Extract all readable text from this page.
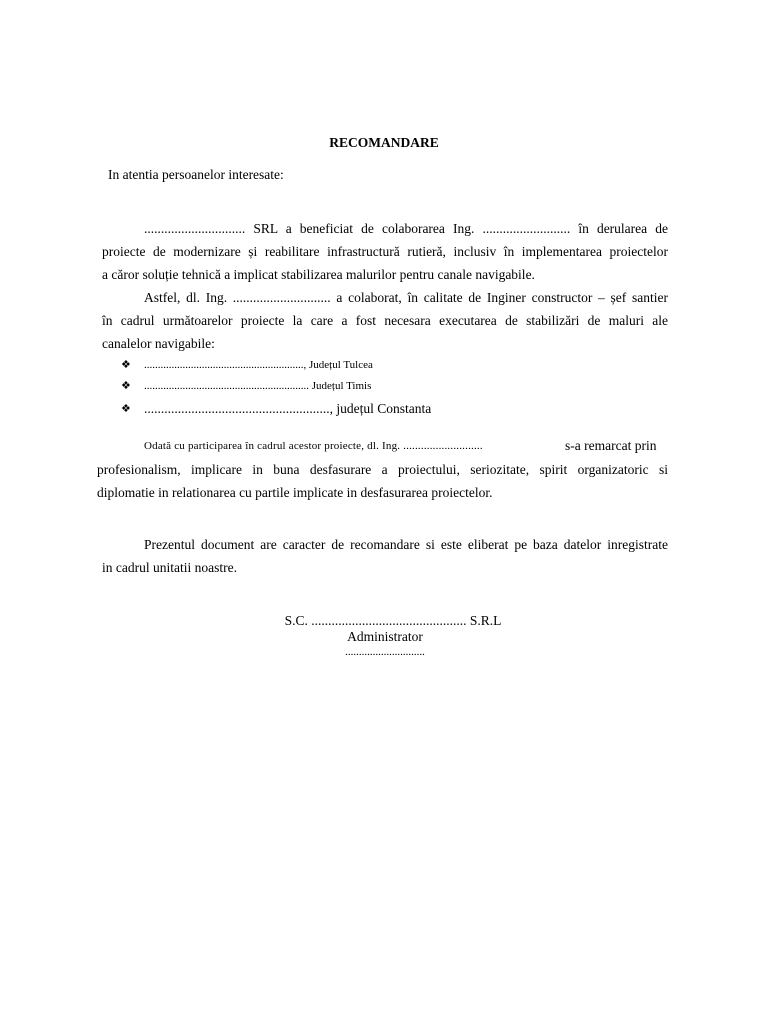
RECOMANDARE
In atentia persoanelor interesate:
.............................. SRL a beneficiat de colaborarea Ing. .......................... în derularea de
proiecte de modernizare și reabilitare infrastructură rutieră, inclusiv în implementarea proiectelor
a căror soluție tehnică a implicat stabilizarea malurilor pentru canale navigabile.
Astfel, dl. Ing. ............................. a colaborat, în calitate de Inginer constructor – șef santier
în cadrul următoarelor proiecte la care a fost necesara executarea de stabilizări de maluri ale
canalelor navigabile:
❖ .........................................................., Județul Tulcea
❖ ............................................................ Județul Timis
❖ ......................................................., județul Constanta
Odată cu participarea în cadrul acestor proiecte, dl. Ing. ...........................	s-a remarcat prin
profesionalism, implicare in buna desfasurare a proiectului, seriozitate, spirit organizatoric si
diplomatie in relationarea cu partile implicate in desfasurarea proiectelor.
Prezentul document are caracter de recomandare si este eliberat pe baza datelor inregistrate
in cadrul unitatii noastre.
S.C. .............................................. S.R.L
Administrator
.............................
